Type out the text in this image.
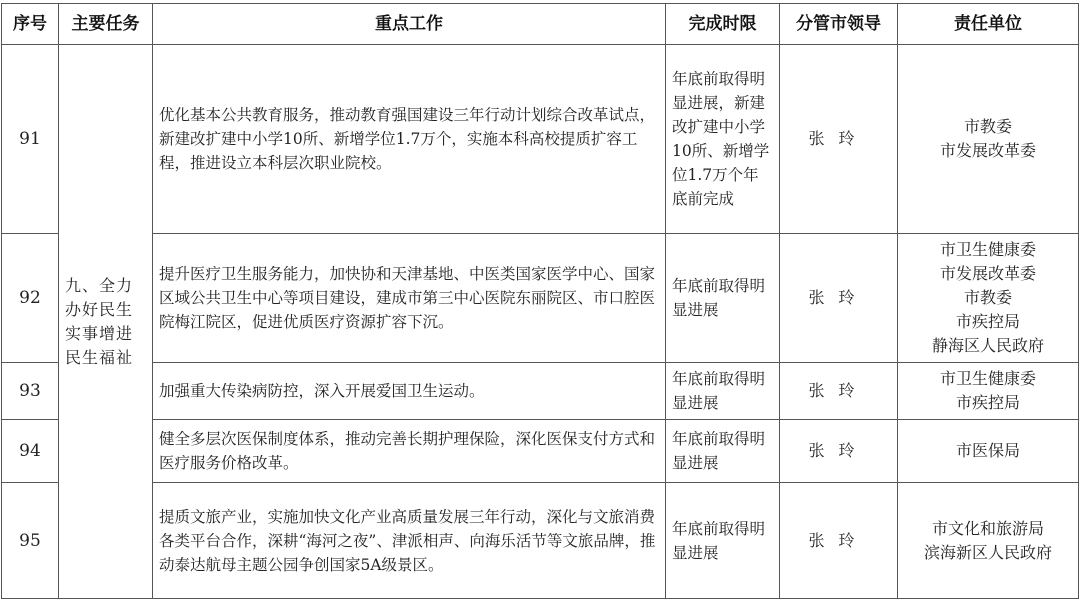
序号	主要任务	重点工作	完成时限	分管市领导	责任单位
91	九、全力办好民生实事增进民生福祉	优化基本公共教育服务，推动教育强国建设三年行动计划综合改革试点，新建改扩建中小学10所、新增学位1.7万个，实施本科高校提质扩容工程，推进设立本科层次职业院校。	年底前取得明显进展，新建改扩建中小学10所、新增学位1.7万个年底前完成	张玲	市教委
市发展改革委

92		提升医疗卫生服务能力，加快协和天津基地、中医类国家医学中心、国家区域公共卫生中心等项目建设，建成市第三中心医院东丽院区、市口腔医院梅江院区，促进优质医疗资源扩容下沉。	年底前取得明显进展	张玲	市卫生健康委
市发展改革委
市教委
市疾控局
静海区人民政府

93		加强重大传染病防控，深入开展爱国卫生运动。	年底前取得明显进展	张玲	市卫生健康委
市疾控局

94		健全多层次医保制度体系，推动完善长期护理保险，深化医保支付方式和医疗服务价格改革。	年底前取得明显进展	张玲	市医保局

95		提质文旅产业，实施加快文化产业高质量发展三年行动，深化与文旅消费各类平台合作，深耕“海河之夜”、津派相声、向海乐活节等文旅品牌，推动泰达航母主题公园争创国家5A级景区。	年底前取得明显进展	张玲	市文化和旅游局
滨海新区人民政府
